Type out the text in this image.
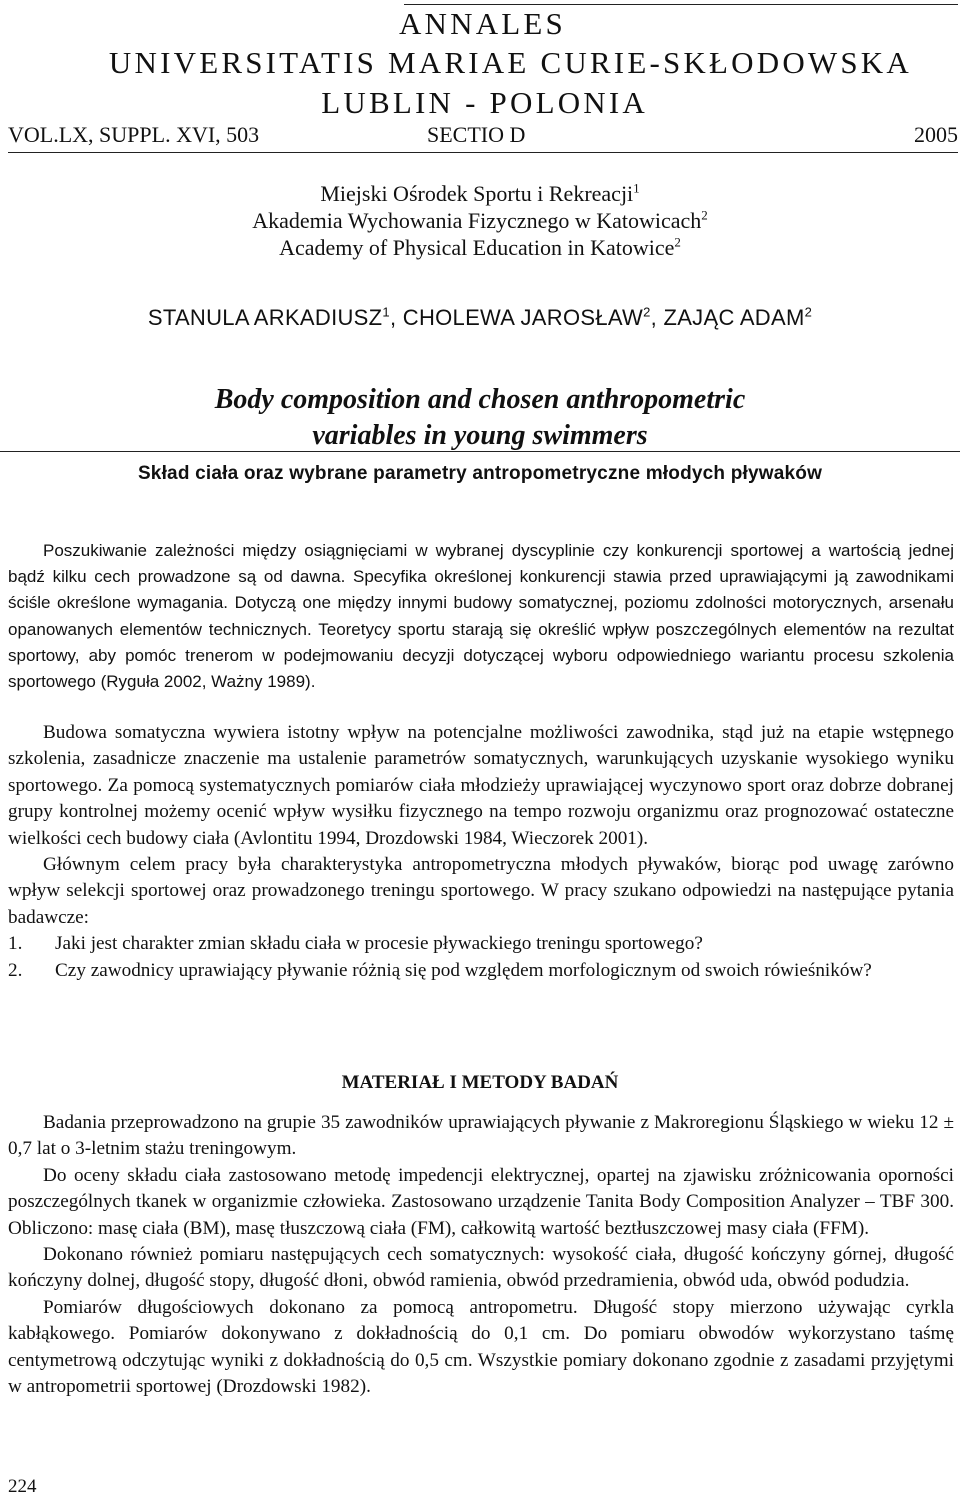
ANNALES
UNIVERSITATIS MARIAE CURIE-SKŁODOWSKA
LUBLIN - POLONIA
VOL.LX, SUPPL. XVI, 503	SECTIO D	2005
Miejski Ośrodek Sportu i Rekreacji$^1$
Akademia Wychowania Fizycznego w Katowicach$^2$
Academy of Physical Education in Katowice$^2$
STANULA ARKADIUSZ$^1$, CHOLEWA JAROSŁAW$^2$, ZAJĄC ADAM$^2$
Body composition and chosen anthropometric
variables in young swimmers
Skład ciała oraz wybrane parametry antropometryczne młodych pływaków

Poszukiwanie zależności między osiągnięciami w wybranej dyscyplinie czy konkurencji sportowej a wartością jednej bądź kilku cech prowadzone są od dawna. Specyfika określonej konkurencji stawia przed uprawiającymi ją zawodnikami ściśle określone wymagania. Dotyczą one między innymi budowy somatycznej, poziomu zdolności motorycznych, arsenału opanowanych elementów technicznych. Teoretycy sportu starają się określić wpływ poszczególnych elementów na rezultat sportowy, aby pomóc trenerom w podejmowaniu decyzji dotyczącej wyboru odpowiedniego wariantu procesu szkolenia sportowego (Ryguła 2002, Ważny 1989).

Budowa somatyczna wywiera istotny wpływ na potencjalne możliwości zawodnika, stąd już na etapie wstępnego szkolenia, zasadnicze znaczenie ma ustalenie parametrów somatycznych, warunkujących uzyskanie wysokiego wyniku sportowego. Za pomocą systematycznych pomiarów ciała młodzieży uprawiającej wyczynowo sport oraz dobrze dobranej grupy kontrolnej możemy ocenić wpływ wysiłku fizycznego na tempo rozwoju organizmu oraz prognozować ostateczne wielkości cech budowy ciała (Avlontitu 1994, Drozdowski 1984, Wieczorek 2001).

Głównym celem pracy była charakterystyka antropometryczna młodych pływaków, biorąc pod uwagę zarówno wpływ selekcji sportowej oraz prowadzonego treningu sportowego. W pracy szukano odpowiedzi na następujące pytania badawcze:

1. Jaki jest charakter zmian składu ciała w procesie pływackiego treningu sportowego?
2. Czy zawodnicy uprawiający pływanie różnią się pod względem morfologicznym od swoich rówieśników?
MATERIAŁ I METODY BADAŃ

Badania przeprowadzono na grupie 35 zawodników uprawiających pływanie z Makroregionu Śląskiego w wieku 12 ± 0,7 lat o 3-letnim stażu treningowym.

Do oceny składu ciała zastosowano metodę impedencji elektrycznej, opartej na zjawisku zróżnicowania oporności poszczególnych tkanek w organizmie człowieka. Zastosowano urządzenie Tanita Body Composition Analyzer – TBF 300. Obliczono: masę ciała (BM), masę tłuszczową ciała (FM), całkowitą wartość beztłuszczowej masy ciała (FFM).

Dokonano również pomiaru następujących cech somatycznych: wysokość ciała, długość kończyny górnej, długość kończyny dolnej, długość stopy, długość dłoni, obwód ramienia, obwód przedramienia, obwód uda, obwód podudzia.

Pomiarów długościowych dokonano za pomocą antropometru. Długość stopy mierzono używając cyrkla kabłąkowego. Pomiarów dokonywano z dokładnością do 0,1 cm. Do pomiaru obwodów wykorzystano taśmę centymetrową odczytując wyniki z dokładnością do 0,5 cm. Wszystkie pomiary dokonano zgodnie z zasadami przyjętymi w antropometrii sportowej (Drozdowski 1982).

224
